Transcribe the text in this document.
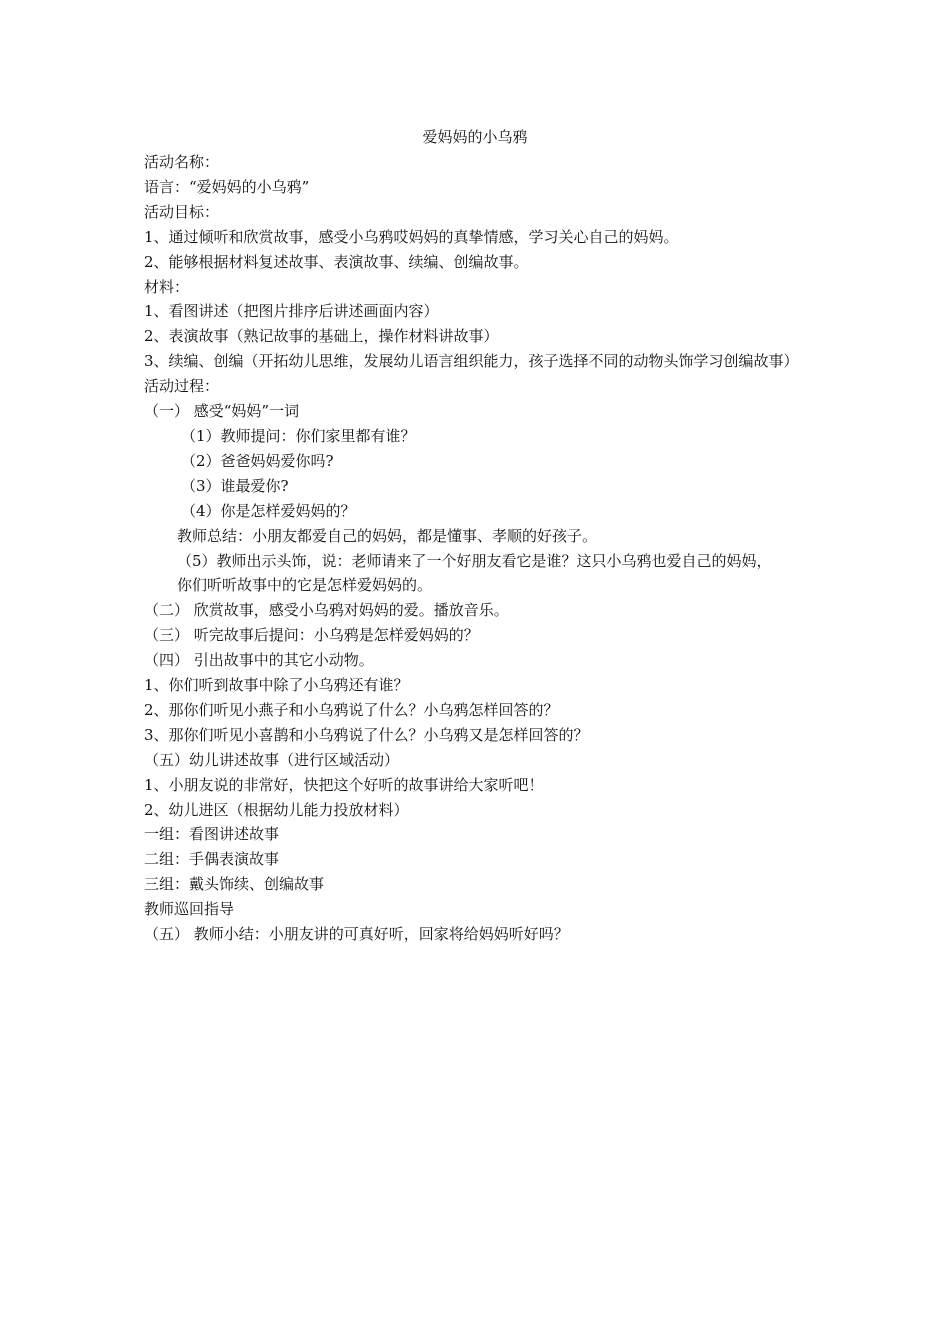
爱妈妈的小乌鸦
活动名称：
语言：“爱妈妈的小乌鸦”
活动目标：
1、通过倾听和欣赏故事，感受小乌鸦哎妈妈的真挚情感，学习关心自己的妈妈。
2、能够根据材料复述故事、表演故事、续编、创编故事。
材料：
1、看图讲述（把图片排序后讲述画面内容）
2、表演故事（熟记故事的基础上，操作材料讲故事）
3、续编、创编（开拓幼儿思维，发展幼儿语言组织能力，孩子选择不同的动物头饰学习创编故事）
活动过程：
（一） 感受“妈妈”一词
（1）教师提问：你们家里都有谁？
（2）爸爸妈妈爱你吗?
（3）谁最爱你?
（4）你是怎样爱妈妈的？
教师总结：小朋友都爱自己的妈妈，都是懂事、孝顺的好孩子。
（5）教师出示头饰，说：老师请来了一个好朋友看它是谁？这只小乌鸦也爱自己的妈妈，
你们听听故事中的它是怎样爱妈妈的。
（二） 欣赏故事，感受小乌鸦对妈妈的爱。播放音乐。
（三） 听完故事后提问：小乌鸦是怎样爱妈妈的？
（四） 引出故事中的其它小动物。
1、你们听到故事中除了小乌鸦还有谁？
2、那你们听见小燕子和小乌鸦说了什么？小乌鸦怎样回答的？
3、那你们听见小喜鹊和小乌鸦说了什么？小乌鸦又是怎样回答的？
（五）幼儿讲述故事（进行区域活动）
1、小朋友说的非常好，快把这个好听的故事讲给大家听吧！
2、幼儿进区（根据幼儿能力投放材料）
一组：看图讲述故事
二组：手偶表演故事
三组：戴头饰续、创编故事
教师巡回指导
（五） 教师小结：小朋友讲的可真好听，回家将给妈妈听好吗？
